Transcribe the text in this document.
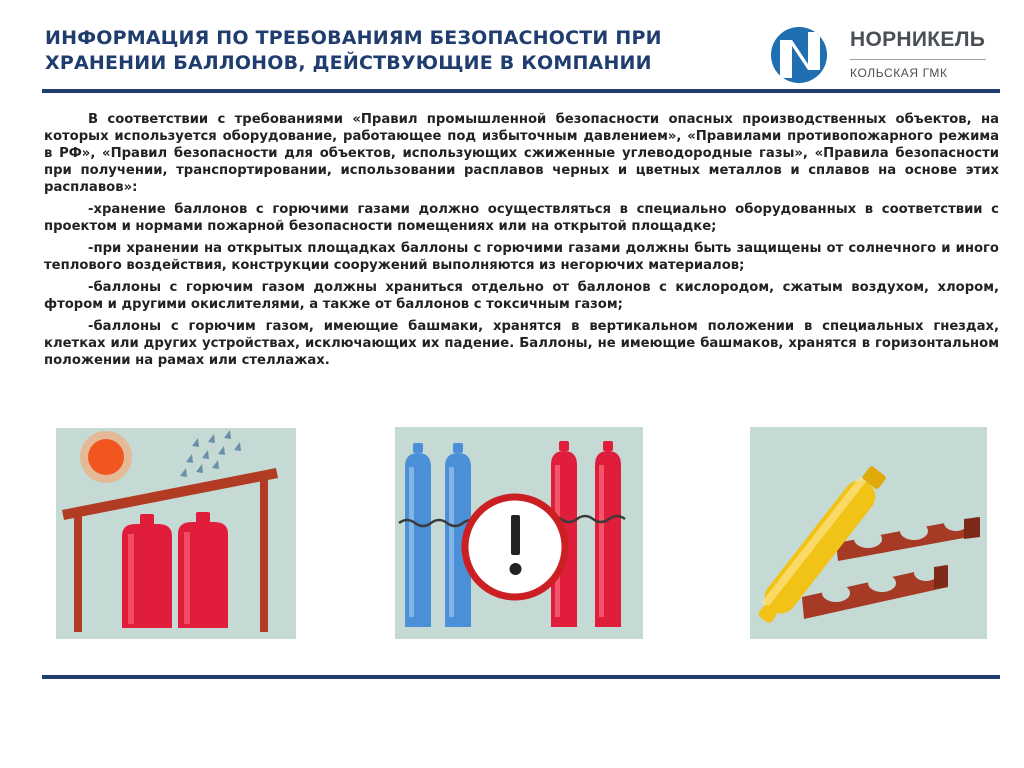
ИНФОРМАЦИЯ ПО ТРЕБОВАНИЯМ БЕЗОПАСНОСТИ ПРИ ХРАНЕНИИ БАЛЛОНОВ, ДЕЙСТВУЮЩИЕ В КОМПАНИИ
НОРНИКЕЛЬ
КОЛЬСКАЯ ГМК

В соответствии с требованиями «Правил промышленной безопасности опасных производственных объектов, на которых используется оборудование, работающее под избыточным давлением», «Правилами противопожарного режима в РФ», «Правил безопасности для объектов, использующих сжиженные углеводородные газы», «Правила безопасности при получении, транспортировании, использовании расплавов черных и цветных металлов и сплавов на основе этих расплавов»:

-хранение баллонов с горючими газами должно осуществляться в специально оборудованных в соответствии с проектом и нормами пожарной безопасности помещениях или на открытой площадке;

-при хранении на открытых площадках баллоны с горючими газами должны быть защищены от солнечного и иного теплового воздействия, конструкции сооружений выполняются из негорючих материалов;

-баллоны с горючим газом должны храниться отдельно от баллонов с кислородом, сжатым воздухом, хлором, фтором и другими окислителями, а также от баллонов с токсичным газом;

-баллоны с горючим газом, имеющие башмаки, хранятся в вертикальном положении в специальных гнездах, клетках или других устройствах, исключающих их падение. Баллоны, не имеющие башмаков, хранятся в горизонтальном положении на рамах или стеллажах.
